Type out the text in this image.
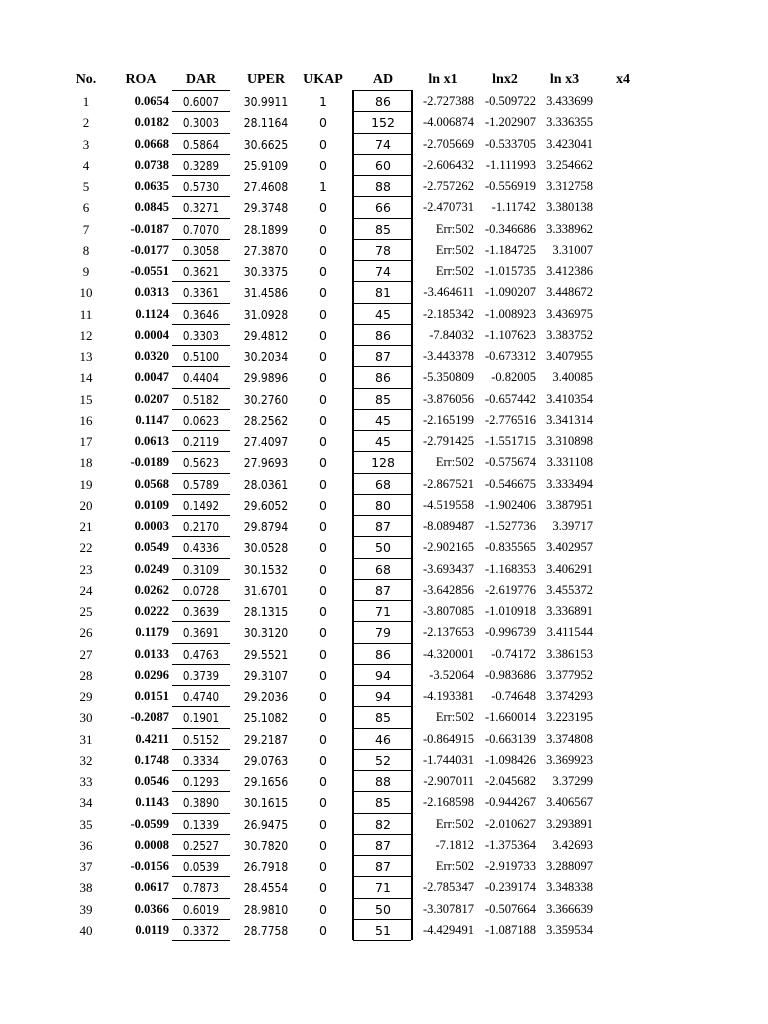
No.	ROA	DAR	UPER	UKAP	AD	ln x1	lnx2	ln x3	x4
1	0.0654	0.6007	30.9911	1	86	-2.727388 -0.509722 3.433699
2	0.0182	0.3003	28.1164	0	152	-4.006874 -1.202907 3.336355
3	0.0668	0.5864	30.6625	0	74	-2.705669 -0.533705 3.423041
4	0.0738	0.3289	25.9109	0	60	-2.606432 -1.111993 3.254662
5	0.0635	0.5730	27.4608	1	88	-2.757262 -0.556919 3.312758
6	0.0845	0.3271	29.3748	0	66	-2.470731	-1.11742 3.380138
7	-0.0187	0.7070	28.1899	0	85	Err:502 -0.346686 3.338962
8	-0.0177	0.3058	27.3870	0	78	Err:502 -1.184725	3.31007
9	-0.0551	0.3621	30.3375	0	74	Err:502 -1.015735 3.412386
10	0.0313	0.3361	31.4586	0	81	-3.464611 -1.090207 3.448672
11	0.1124	0.3646	31.0928	0	45	-2.185342 -1.008923 3.436975
12	0.0004	0.3303	29.4812	0	86	-7.84032 -1.107623 3.383752
13	0.0320	0.5100	30.2034	0	87	-3.443378 -0.673312 3.407955
14	0.0047	0.4404	29.9896	0	86	-5.350809	-0.82005	3.40085
15	0.0207	0.5182	30.2760	0	85	-3.876056 -0.657442 3.410354
16	0.1147	0.0623	28.2562	0	45	-2.165199 -2.776516 3.341314
17	0.0613	0.2119	27.4097	0	45	-2.791425 -1.551715 3.310898
18	-0.0189	0.5623	27.9693	0	128	Err:502 -0.575674 3.331108
19	0.0568	0.5789	28.0361	0	68	-2.867521 -0.546675 3.333494
20	0.0109	0.1492	29.6052	0	80	-4.519558 -1.902406 3.387951
21	0.0003	0.2170	29.8794	0	87	-8.089487 -1.527736	3.39717
22	0.0549	0.4336	30.0528	0	50	-2.902165 -0.835565 3.402957
23	0.0249	0.3109	30.1532	0	68	-3.693437 -1.168353 3.406291
24	0.0262	0.0728	31.6701	0	87	-3.642856 -2.619776 3.455372
25	0.0222	0.3639	28.1315	0	71	-3.807085 -1.010918 3.336891
26	0.1179	0.3691	30.3120	0	79	-2.137653 -0.996739 3.411544
27	0.0133	0.4763	29.5521	0	86	-4.320001	-0.74172 3.386153
28	0.0296	0.3739	29.3107	0	94	-3.52064 -0.983686 3.377952
29	0.0151	0.4740	29.2036	0	94	-4.193381	-0.74648 3.374293
30	-0.2087	0.1901	25.1082	0	85	Err:502 -1.660014 3.223195
31	0.4211	0.5152	29.2187	0	46	-0.864915 -0.663139 3.374808
32	0.1748	0.3334	29.0763	0	52	-1.744031 -1.098426 3.369923
33	0.0546	0.1293	29.1656	0	88	-2.907011 -2.045682	3.37299
34	0.1143	0.3890	30.1615	0	85	-2.168598 -0.944267 3.406567
35	-0.0599	0.1339	26.9475	0	82	Err:502 -2.010627 3.293891
36	0.0008	0.2527	30.7820	0	87	-7.1812 -1.375364	3.42693
37	-0.0156	0.0539	26.7918	0	87	Err:502 -2.919733 3.288097
38	0.0617	0.7873	28.4554	0	71	-2.785347 -0.239174 3.348338
39	0.0366	0.6019	28.9810	0	50	-3.307817 -0.507664 3.366639
40	0.0119	0.3372	28.7758	0	51	-4.429491 -1.087188 3.359534
